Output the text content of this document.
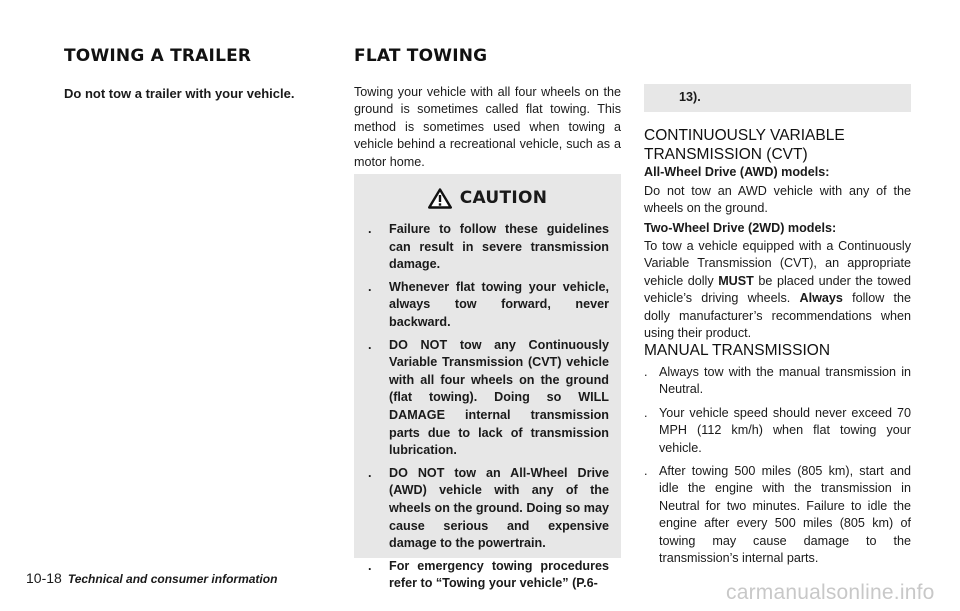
TOWING A TRAILER
Do not tow a trailer with your vehicle.
FLAT TOWING
Towing your vehicle with all four wheels on the ground is sometimes called flat towing. This method is sometimes used when towing a vehicle behind a recreational vehicle, such as a motor home.
CAUTION
. Failure to follow these guidelines can result in severe transmission damage.
. Whenever flat towing your vehicle, always tow forward, never backward.
. DO NOT tow any Continuously Variable Transmission (CVT) vehicle with all four wheels on the ground (flat towing). Doing so WILL DAMAGE internal transmission parts due to lack of transmission lubrication.
. DO NOT tow an All-Wheel Drive (AWD) vehicle with any of the wheels on the ground. Doing so may cause serious and expensive damage to the powertrain.
. For emergency towing procedures refer to “Towing your vehicle” (P.6-
13).
CONTINUOUSLY VARIABLE TRANSMISSION (CVT)
All-Wheel Drive (AWD) models:
Do not tow an AWD vehicle with any of the wheels on the ground.
Two-Wheel Drive (2WD) models:
To tow a vehicle equipped with a Continuously Variable Transmission (CVT), an appropriate vehicle dolly MUST be placed under the towed vehicle’s driving wheels. Always follow the dolly manufacturer’s recommendations when using their product.
MANUAL TRANSMISSION
. Always tow with the manual transmission in Neutral.
. Your vehicle speed should never exceed 70 MPH (112 km/h) when flat towing your vehicle.
. After towing 500 miles (805 km), start and idle the engine with the transmission in Neutral for two minutes. Failure to idle the engine after every 500 miles (805 km) of towing may cause damage to the transmission’s internal parts.
10-18 Technical and consumer information
carmanualsonline.info
